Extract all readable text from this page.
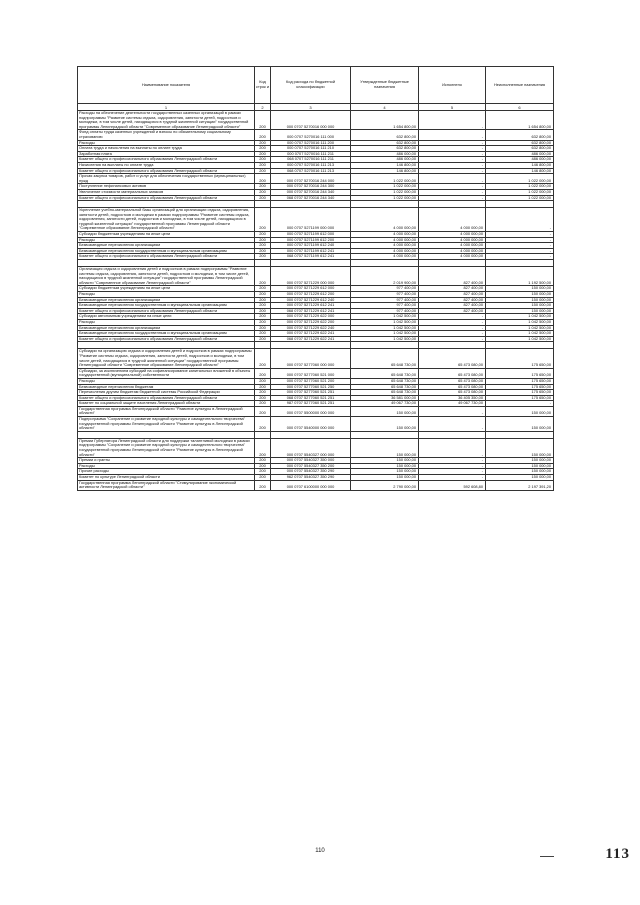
Наименование показателя	Код строк и	Код расхода по бюджетной классификации	Утвержденные бюджетные назначения	Исполнено	Неисполненные назначения
1	2	3	4	5	6
Расходы на обеспечение деятельности государственных казенных организаций в рамках подпрограммы "Развитие системы отдыха, оздоровления, занятости детей, подростков и молодежи, в том числе детей, находящихся в трудной жизненной ситуации" государственной программы Ленинградской области "Современное образование Ленинградской области"	200	000 0707 5270016 000 000	1 654 800,00	-	1 654 800,00
Фонд оплаты труда казенных учреждений и взносы по обязательному социальному страхованию	200	000 0707 5270016 111 000	632 800,00	-	632 800,00
Расходы	200	000 0707 5270016 111 200	632 800,00	-	632 800,00
Оплата труда и начисления на выплаты по оплате труда	200	000 0707 5270016 111 210	632 800,00	-	632 800,00
Заработная плата	200	000 0707 5270016 111 211	486 000,00	-	486 000,00
Комитет общего и профессионального образования Ленинградской области	200	068 0707 5270016 111 211	486 000,00	-	486 000,00
Начисления на выплаты по оплате труда	200	000 0707 5270016 111 213	146 800,00	-	146 800,00
Комитет общего и профессионального образования Ленинградской области	200	068 0707 5270016 111 213	146 800,00	-	146 800,00
Прочая закупка товаров, работ и услуг для обеспечения государственных (муниципальных) нужд	200	000 0707 5270016 244 000	1 022 000,00	-	1 022 000,00
Поступление нефинансовых активов	200	000 0707 5270016 244 300	1 022 000,00	-	1 022 000,00
Увеличение стоимости материальных запасов	200	000 0707 5270016 244 340	1 022 000,00	-	1 022 000,00
Комитет общего и профессионального образования Ленинградской области	200	068 0707 5270016 244 340	1 022 000,00	-	1 022 000,00

Укрепление учебно-материальной базы организаций для организации отдыха, оздоровления, занятости детей, подростков и молодежи в рамках подпрограммы "Развитие системы отдыха, оздоровления, занятости детей, подростков и молодежи, в том числе детей, находящихся в трудной жизненной ситуации" государственной программы Ленинградской области "Современное образование Ленинградской области"	200	000 0707 5271199 000 000	4 000 000,00	4 000 000,00	-
Субсидии бюджетным учреждениям на иные цели	200	000 0707 5271199 612 000	4 000 000,00	4 000 000,00	-
Расходы	200	000 0707 5271199 612 200	4 000 000,00	4 000 000,00	-
Безвозмездные перечисления организациям	200	000 0707 5271199 612 240	4 000 000,00	4 000 000,00	-
Безвозмездные перечисления государственным и муниципальным организациям	200	000 0707 5271199 612 241	4 000 000,00	4 000 000,00	-
Комитет общего и профессионального образования Ленинградской области	200	068 0707 5271199 612 241	4 000 000,00	4 000 000,00	-

Организация отдыха и оздоровления детей и подростков в рамках подпрограммы "Развитие системы отдыха, оздоровления, занятости детей, подростков и молодежи, в том числе детей, находящихся в трудной жизненной ситуации" государственной программы Ленинградской области "Современное образование Ленинградской области"	200	000 0707 5271229 000 000	2 019 900,00	827 400,00	1 192 500,00
Субсидии бюджетным учреждениям на иные цели	200	000 0707 5271229 612 000	977 400,00	827 400,00	150 000,00
Расходы	200	000 0707 5271229 612 200	977 400,00	827 400,00	150 000,00
Безвозмездные перечисления организациям	200	000 0707 5271229 612 240	977 400,00	827 400,00	150 000,00
Безвозмездные перечисления государственным и муниципальным организациям	200	000 0707 5271229 612 241	977 400,00	827 400,00	150 000,00
Комитет общего и профессионального образования Ленинградской области	200	068 0707 5271229 612 241	977 400,00	827 400,00	150 000,00
Субсидии автономным учреждениям на иные цели	200	000 0707 5271229 622 000	1 042 500,00	-	1 042 500,00
Расходы	200	000 0707 5271229 622 200	1 042 500,00	-	1 042 500,00
Безвозмездные перечисления организациям	200	000 0707 5271229 622 240	1 042 500,00	-	1 042 500,00
Безвозмездные перечисления государственным и муниципальным организациям	200	000 0707 5271229 622 241	1 042 500,00	-	1 042 500,00
Комитет общего и профессионального образования Ленинградской области	200	068 0707 5271229 622 241	1 042 500,00	-	1 042 500,00

Субсидии на организацию отдыха и оздоровления детей и подростков в рамках подпрограммы "Развитие системы отдыха, оздоровления, занятости детей, подростков и молодежи, в том числе детей, находящихся в трудной жизненной ситуации" государственной программы Ленинградской области "Современное образование Ленинградской области"	200	000 0707 5277060 000 000	65 648 730,00	65 473 080,00	175 650,00
Субсидии, за исключением субсидий на софинансирование капитальных вложений в объекты государственной (муниципальной) собственности	200	000 0707 5277060 521 000	65 648 730,00	65 473 080,00	175 650,00
Расходы	200	000 0707 5277060 521 200	65 648 730,00	65 473 080,00	175 650,00
Безвозмездные перечисления бюджетам	200	000 0707 5277060 521 250	65 648 730,00	65 473 080,00	175 650,00
Перечисления другим бюджетам бюджетной системы Российской Федерации	200	000 0707 5277060 521 251	65 648 730,00	65 473 080,00	175 650,00
Комитет общего и профессионального образования Ленинградской области	200	068 0707 5277060 521 251	36 581 000,00	36 405 350,00	175 650,00
Комитет по социальной защите населения Ленинградской области	200	987 0707 5277060 521 251	49 067 730,00	49 067 730,00	-
Государственная программа Ленинградской области "Развитие культуры в Ленинградской области"	200	000 0707 5500000 000 000	150 000,00	-	150 000,00
Подпрограмма "Сохранение и развитие народной культуры и самодеятельного творчества" государственной программы Ленинградской области "Развитие культуры в Ленинградской области"	200	000 0707 5540000 000 000	150 000,00	-	150 000,00

Премии Губернатора Ленинградской области для поддержки талантливой молодежи в рамках подпрограммы "Сохранение и развитие народной культуры и самодеятельного творчества" государственной программы Ленинградской области "Развитие культуры в Ленинградской области"	200	000 0707 5540327 000 000	150 000,00	-	150 000,00
Премии и гранты	200	000 0707 5540327 350 000	150 000,00	-	150 000,00
Расходы	200	000 0707 5540327 350 200	150 000,00	-	150 000,00
Прочие расходы	200	000 0707 5540327 350 290	150 000,00	-	150 000,00
Комитет по культуре Ленинградской области	200	962 0707 5540327 350 290	150 000,00	-	150 000,00
Государственная программа Ленинградской области "Стимулирование экономической активности Ленинградской области"	200	000 0707 6100000 000 000	2 790 000,00	592 608,80	2 197 391,20
110	113
